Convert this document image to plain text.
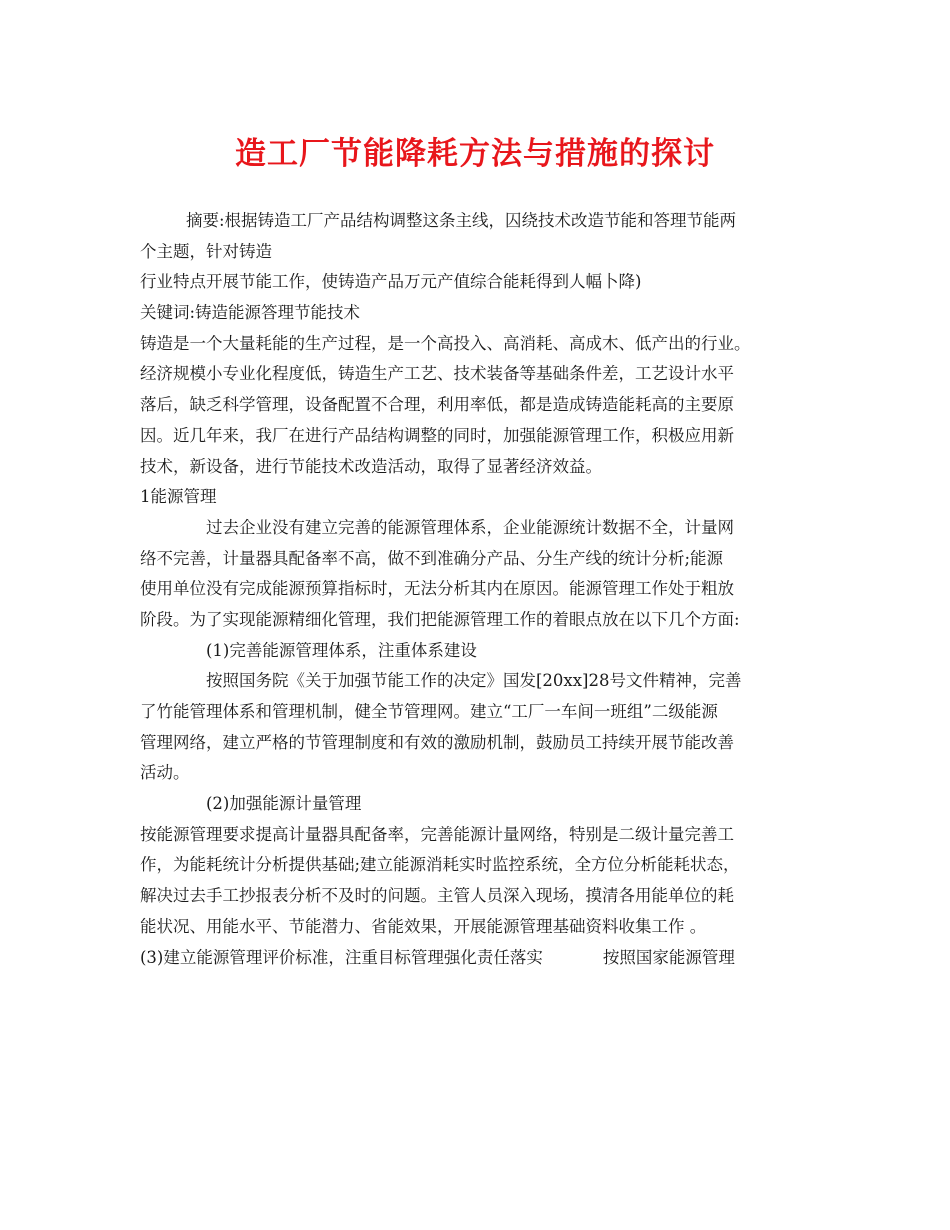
造工厂节能降耗方法与措施的探讨
摘要:根据铸造工厂产品结构调整这条主线，囚绕技术改造节能和答理节能两
个主题，针对铸造
行业特点开展节能工作，使铸造产品万元产值综合能耗得到人幅卜降)
关键词:铸造能源答理节能技术
铸造是一个大量耗能的生产过程，是一个高投入、高消耗、高成木、低产出的行业。
经济规模小专业化程度低，铸造生产工艺、技术装备等基础条件差，工艺设计水平
落后，缺乏科学管理，设备配置不合理，利用率低，都是造成铸造能耗高的主要原
因。近几年来，我厂在进行产品结构调整的同时，加强能源管理工作，积极应用新
技术，新设备，进行节能技术改造活动，取得了显著经济效益。
1能源管理
过去企业没有建立完善的能源管理体系，企业能源统计数据不全，计量网
络不完善，计量器具配备率不高，做不到准确分产品、分生产线的统计分析;能源
使用单位没有完成能源预算指标时，无法分析其内在原因。能源管理工作处于粗放
阶段。为了实现能源精细化管理，我们把能源管理工作的着眼点放在以下几个方面:
(1)完善能源管理体系，注重体系建设
按照国务院《关于加强节能工作的决定》国发[20xx]28号文件精神，完善
了竹能管理体系和管理机制，健全节管理网。建立“工厂一车间一班组”二级能源
管理网络，建立严格的节管理制度和有效的激励机制，鼓励员工持续开展节能改善
活动。
(2)加强能源计量管理
按能源管理要求提高计量器具配备率，完善能源计量网络，特别是二级计量完善工
作，为能耗统计分析提供基础;建立能源消耗实时监控系统，全方位分析能耗状态，
解决过去手工抄报表分析不及时的问题。主管人员深入现场，摸清各用能单位的耗
能状况、用能水平、节能潜力、省能效果，开展能源管理基础资料收集工作 。
(3)建立能源管理评价标准，注重目标管理强化责任落实	按照国家能源管理
